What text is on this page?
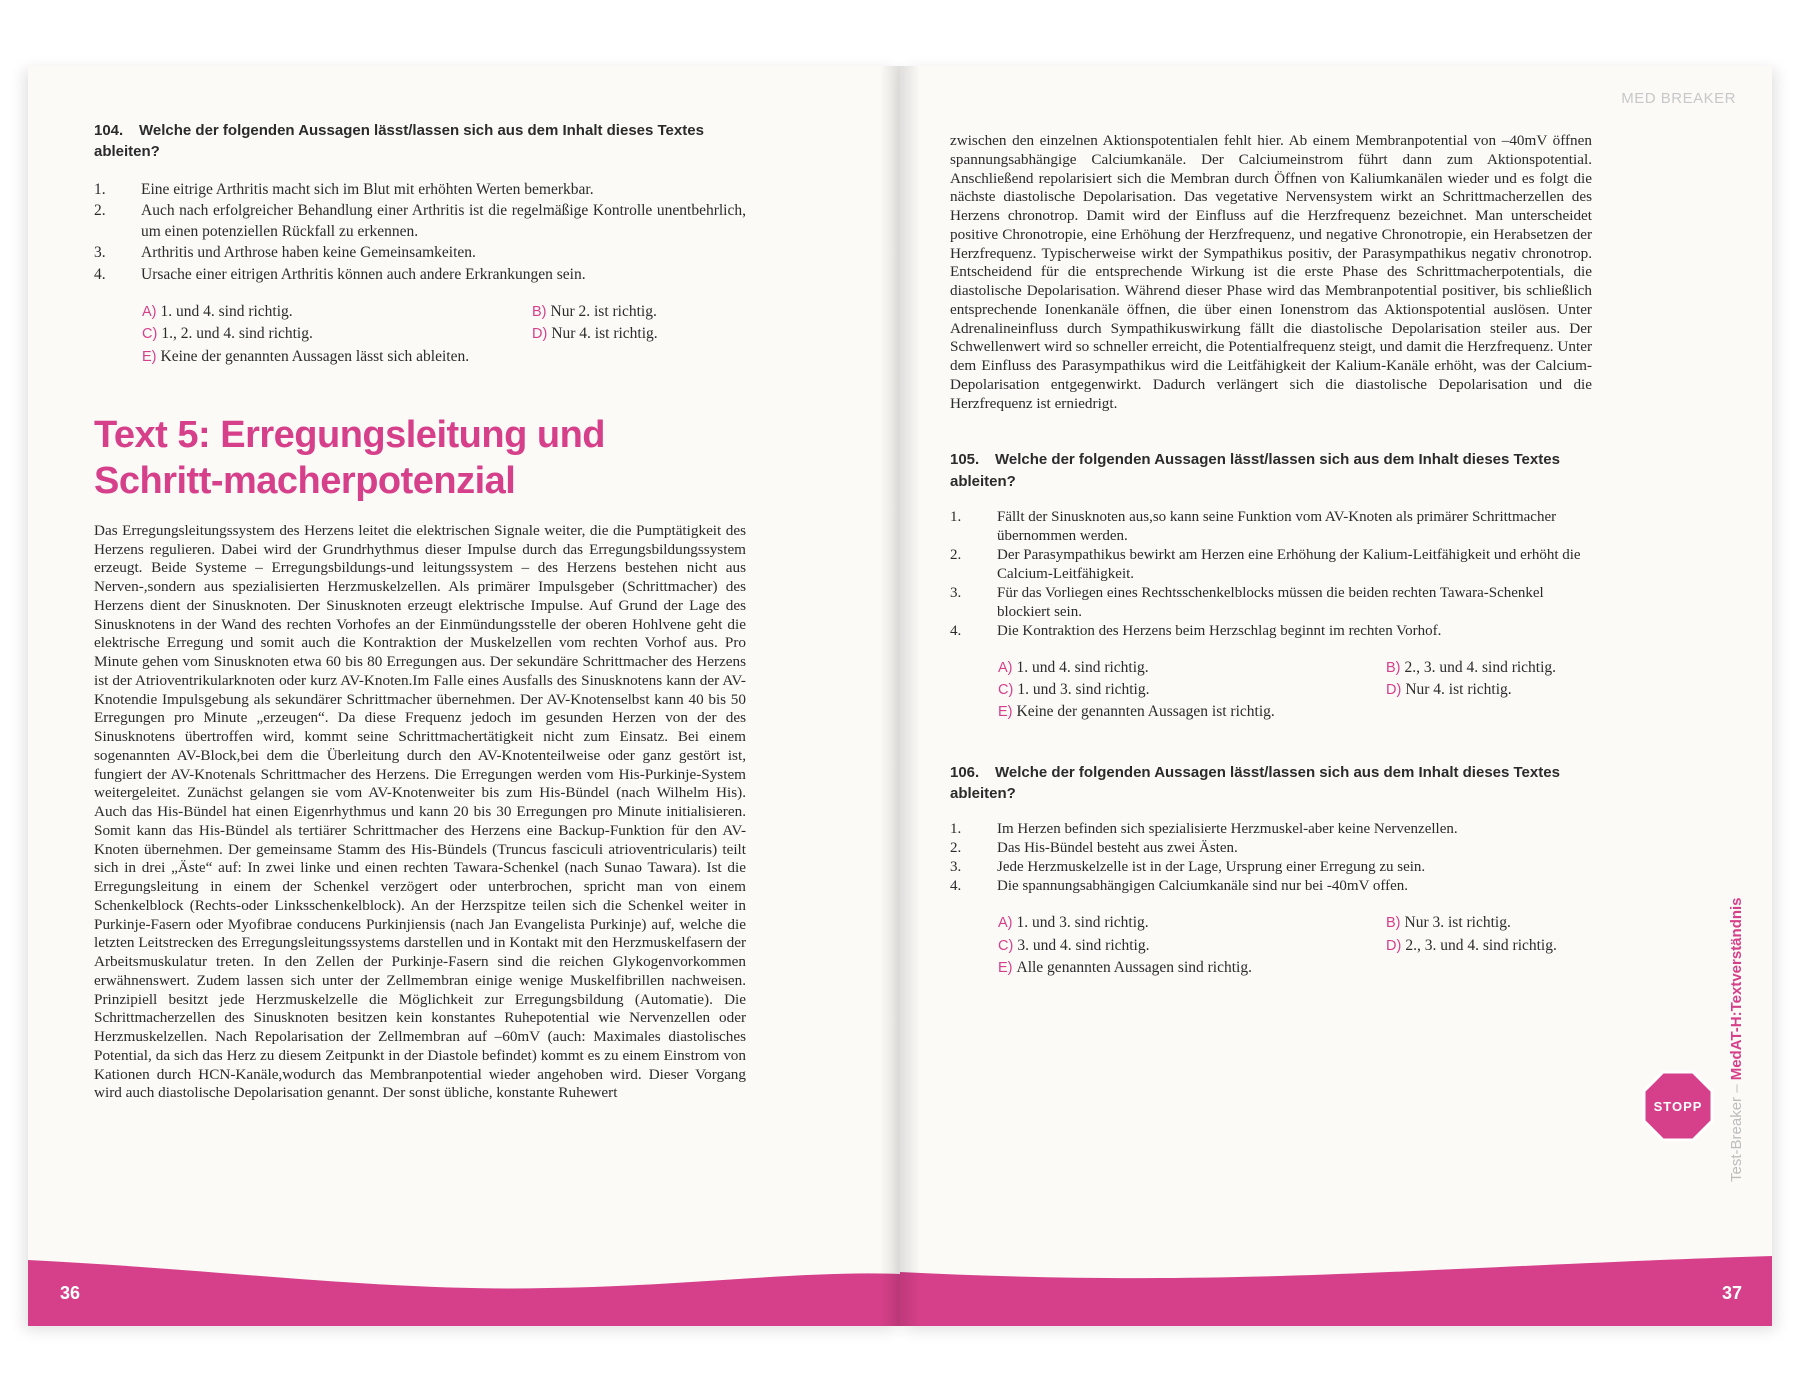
104. Welche der folgenden Aussagen lässt/lassen sich aus dem Inhalt dieses Textes ableiten?
1.	Eine eitrige Arthritis macht sich im Blut mit erhöhten Werten bemerkbar.
2.	Auch nach erfolgreicher Behandlung einer Arthritis ist die regelmäßige Kontrolle unentbehrlich, um einen potenziellen Rückfall zu erkennen.
3.	Arthritis und Arthrose haben keine Gemeinsamkeiten.
4.	Ursache einer eitrigen Arthritis können auch andere Erkrankungen sein.
A) 1. und 4. sind richtig.	B) Nur 2. ist richtig.
C) 1., 2. und 4. sind richtig.	D) Nur 4. ist richtig.
E) Keine der genannten Aussagen lässt sich ableiten.
Text 5: Erregungsleitung und Schritt-macherpotenzial

Das Erregungsleitungssystem des Herzens leitet die elektrischen Signale weiter, die die Pumptätigkeit des Herzens regulieren. Dabei wird der Grundrhythmus dieser Impulse durch das Erregungsbildungssystem erzeugt. Beide Systeme – Erregungsbildungs-und leitungssystem – des Herzens bestehen nicht aus Nerven-,sondern aus spezialisierten Herzmuskelzellen. Als primärer Impulsgeber (Schrittmacher) des Herzens dient der Sinusknoten. Der Sinusknoten erzeugt elektrische Impulse. Auf Grund der Lage des Sinusknotens in der Wand des rechten Vorhofes an der Einmündungsstelle der oberen Hohlvene geht die elektrische Erregung und somit auch die Kontraktion der Muskelzellen vom rechten Vorhof aus. Pro Minute gehen vom Sinusknoten etwa 60 bis 80 Erregungen aus. Der sekundäre Schrittmacher des Herzens ist der Atrioventrikularknoten oder kurz AV-Knoten.Im Falle eines Ausfalls des Sinusknotens kann der AV-Knotendie Impulsgebung als sekundärer Schrittmacher übernehmen. Der AV-Knotenselbst kann 40 bis 50 Erregungen pro Minute „erzeugen“. Da diese Frequenz jedoch im gesunden Herzen von der des Sinusknotens übertroffen wird, kommt seine Schrittmachertätigkeit nicht zum Einsatz. Bei einem sogenannten AV-Block,bei dem die Überleitung durch den AV-Knotenteilweise oder ganz gestört ist, fungiert der AV-Knotenals Schrittmacher des Herzens. Die Erregungen werden vom His-Purkinje-System weitergeleitet. Zunächst gelangen sie vom AV-Knotenweiter bis zum His-Bündel (nach Wilhelm His). Auch das His-Bündel hat einen Eigenrhythmus und kann 20 bis 30 Erregungen pro Minute initialisieren. Somit kann das His-Bündel als tertiärer Schrittmacher des Herzens eine Backup-Funktion für den AV-Knoten übernehmen. Der gemeinsame Stamm des His-Bündels (Truncus fasciculi atrioventricularis) teilt sich in drei „Äste“ auf: In zwei linke und einen rechten Tawara-Schenkel (nach Sunao Tawara). Ist die Erregungsleitung in einem der Schenkel verzögert oder unterbrochen, spricht man von einem Schenkelblock (Rechts-oder Linksschenkelblock). An der Herzspitze teilen sich die Schenkel weiter in Purkinje-Fasern oder Myofibrae conducens Purkinjiensis (nach Jan Evangelista Purkinje) auf, welche die letzten Leitstrecken des Erregungsleitungssystems darstellen und in Kontakt mit den Herzmuskelfasern der Arbeitsmuskulatur treten. In den Zellen der Purkinje-Fasern sind die reichen Glykogenvorkommen erwähnenswert. Zudem lassen sich unter der Zellmembran einige wenige Muskelfibrillen nachweisen. Prinzipiell besitzt jede Herzmuskelzelle die Möglichkeit zur Erregungsbildung (Automatie). Die Schrittmacherzellen des Sinusknoten besitzen kein konstantes Ruhepotential wie Nervenzellen oder Herzmuskelzellen. Nach Repolarisation der Zellmembran auf –60mV (auch: Maximales diastolisches Potential, da sich das Herz zu diesem Zeitpunkt in der Diastole befindet) kommt es zu einem Einstrom von Kationen durch HCN-Kanäle,wodurch das Membranpotential wieder angehoben wird. Dieser Vorgang wird auch diastolische Depolarisation genannt. Der sonst übliche, konstante Ruhewert

36
MED BREAKER

zwischen den einzelnen Aktionspotentialen fehlt hier. Ab einem Membranpotential von –40mV öffnen spannungsabhängige Calciumkanäle. Der Calciumeinstrom führt dann zum Aktionspotential. Anschließend repolarisiert sich die Membran durch Öffnen von Kaliumkanälen wieder und es folgt die nächste diastolische Depolarisation. Das vegetative Nervensystem wirkt an Schrittmacherzellen des Herzens chronotrop. Damit wird der Einfluss auf die Herzfrequenz bezeichnet. Man unterscheidet positive Chronotropie, eine Erhöhung der Herzfrequenz, und negative Chronotropie, ein Herabsetzen der Herzfrequenz. Typischerweise wirkt der Sympathikus positiv, der Parasympathikus negativ chronotrop. Entscheidend für die entsprechende Wirkung ist die erste Phase des Schrittmacherpotentials, die diastolische Depolarisation. Während dieser Phase wird das Membranpotential positiver, bis schließlich entsprechende Ionenkanäle öffnen, die über einen Ionenstrom das Aktionspotential auslösen. Unter Adrenalineinfluss durch Sympathikuswirkung fällt die diastolische Depolarisation steiler aus. Der Schwellenwert wird so schneller erreicht, die Potentialfrequenz steigt, und damit die Herzfrequenz. Unter dem Einfluss des Parasympathikus wird die Leitfähigkeit der Kalium-Kanäle erhöht, was der Calcium-Depolarisation entgegenwirkt. Dadurch verlängert sich die diastolische Depolarisation und die Herzfrequenz ist erniedrigt.

105. Welche der folgenden Aussagen lässt/lassen sich aus dem Inhalt dieses Textes ableiten?
1.	Fällt der Sinusknoten aus,so kann seine Funktion vom AV-Knoten als primärer Schrittmacher übernommen werden.
2.	Der Parasympathikus bewirkt am Herzen eine Erhöhung der Kalium-Leitfähigkeit und erhöht die Calcium-Leitfähigkeit.
3.	Für das Vorliegen eines Rechtsschenkelblocks müssen die beiden rechten Tawara-Schenkel blockiert sein.
4.	Die Kontraktion des Herzens beim Herzschlag beginnt im rechten Vorhof.
A) 1. und 4. sind richtig.	B) 2., 3. und 4. sind richtig.
C) 1. und 3. sind richtig.	D) Nur 4. ist richtig.
E) Keine der genannten Aussagen ist richtig.
106. Welche der folgenden Aussagen lässt/lassen sich aus dem Inhalt dieses Textes ableiten?
1.	Im Herzen befinden sich spezialisierte Herzmuskel-aber keine Nervenzellen.
2.	Das His-Bündel besteht aus zwei Ästen.
3.	Jede Herzmuskelzelle ist in der Lage, Ursprung einer Erregung zu sein.
4.	Die spannungsabhängigen Calciumkanäle sind nur bei -40mV offen.
A) 1. und 3. sind richtig.	B) Nur 3. ist richtig.
C) 3. und 4. sind richtig.	D) 2., 3. und 4. sind richtig.
E) Alle genannten Aussagen sind richtig.
Test-Breaker – MedAT-H:Textverständnis
STOPP
37
